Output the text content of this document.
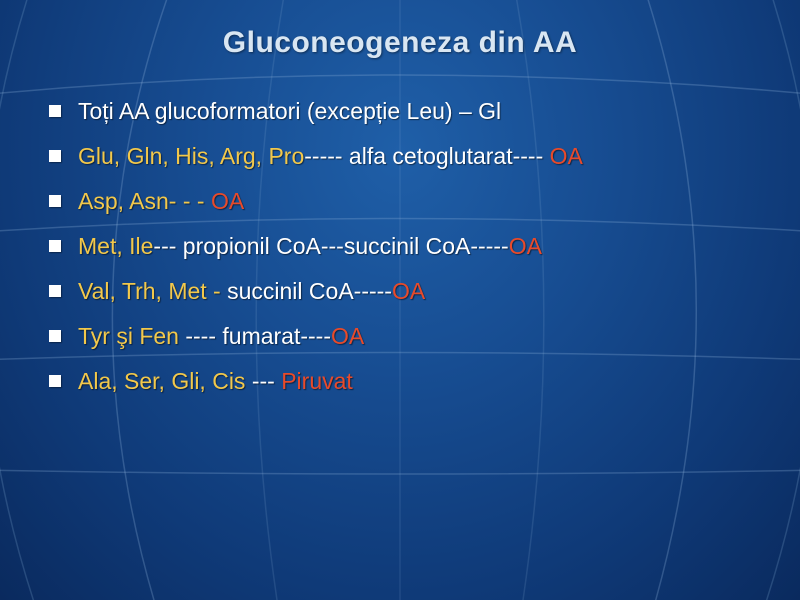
Gluconeogeneza din AA
Toți AA glucoformatori (excepție Leu) – Gl
Glu, Gln, His, Arg, Pro----- alfa cetoglutarat---- OA
Asp, Asn- - - OA
Met, Ile--- propionil CoA---succinil CoA-----OA
Val, Trh, Met - succinil CoA-----OA
Tyr şi Fen ---- fumarat----OA
Ala, Ser, Gli, Cis --- Piruvat
